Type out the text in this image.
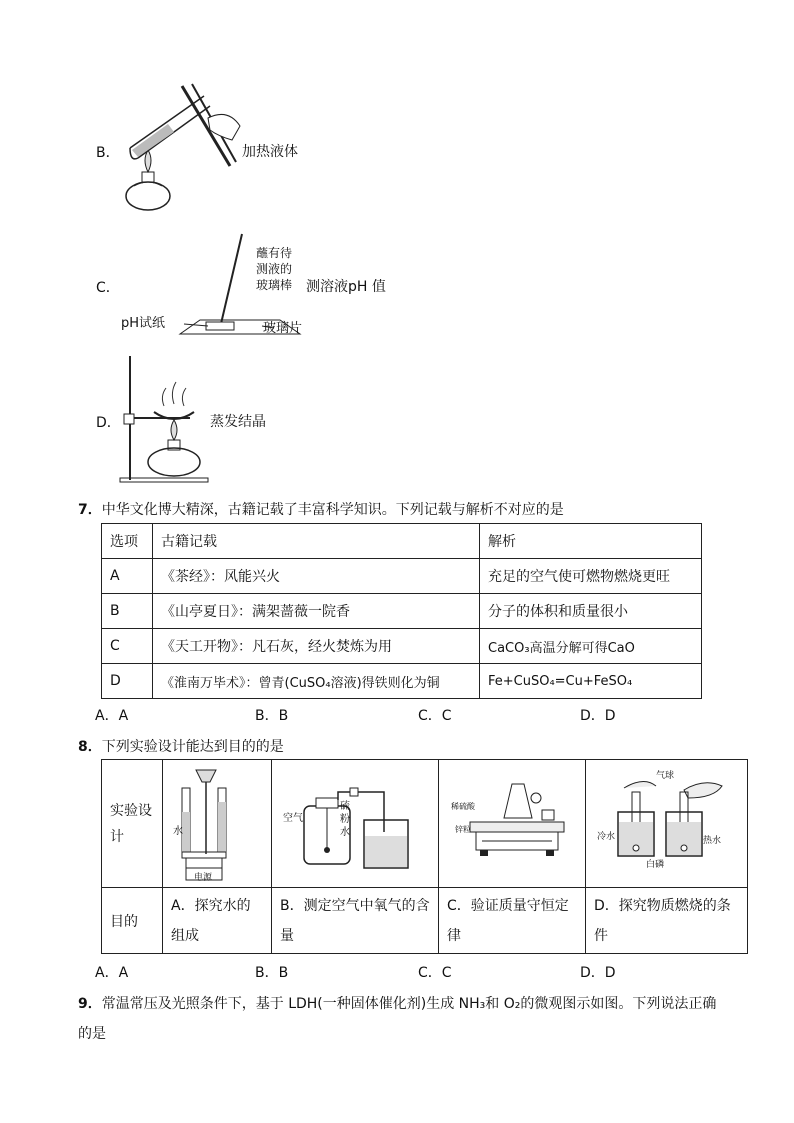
B．	加热液体
C．
蘸有待
测液的
玻璃棒 测溶液pH 值
pH试纸	玻璃片
D．	蒸发结晶
7．中华文化博大精深，古籍记载了丰富科学知识。下列记载与解析不对应的是
选项	古籍记载	解析
A	《茶经》：风能兴火	充足的空气使可燃物燃烧更旺
B	《山亭夏日》：满架蔷薇一院香	分子的体积和质量很小
C	《天工开物》：凡石灰，经火焚炼为用	CaCO₃高温分解可得CaO
D	《淮南万毕术》：曾青(CuSO₄溶液)得铁则化为铜	Fe+CuSO₄=Cu+FeSO₄
A．A	B．B	C．C	D．D
8．下列实验设计能达到目的的是
实验设计				
目的	A．探究水的组成	B．测定空气中氧气的含量	C．验证质量守恒定律	D．探究物质燃烧的条件
水
电源
空气
硫
粉
水
稀硫酸
锌粒
气球
冷水	热水
白磷
A．A	B．B	C．C	D．D
9．常温常压及光照条件下，基于 LDH(一种固体催化剂)生成 NH₃和 O₂的微观图示如图。下列说法正确
的是
